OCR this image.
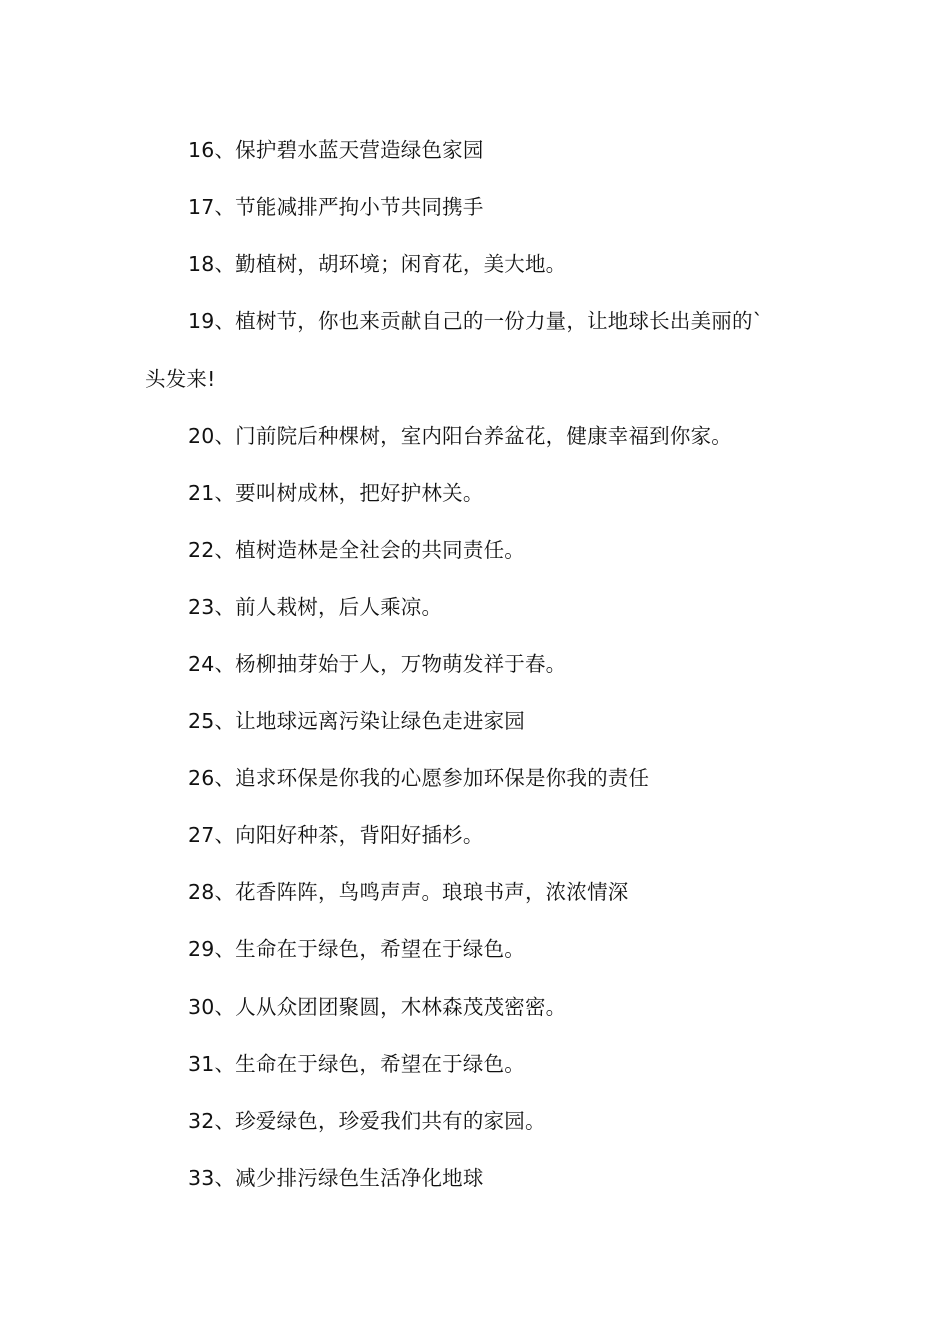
16、保护碧水蓝天营造绿色家园
17、节能减排严拘小节共同携手
18、勤植树，胡环境；闲育花，美大地。
19、植树节，你也来贡献自己的一份力量，让地球长出美丽的`
头发来!
20、门前院后种棵树，室内阳台养盆花，健康幸福到你家。
21、要叫树成林，把好护林关。
22、植树造林是全社会的共同责任。
23、前人栽树，后人乘凉。
24、杨柳抽芽始于人，万物萌发祥于春。
25、让地球远离污染让绿色走进家园
26、追求环保是你我的心愿参加环保是你我的责任
27、向阳好种茶，背阳好插杉。
28、花香阵阵，鸟鸣声声。琅琅书声，浓浓情深
29、生命在于绿色，希望在于绿色。
30、人从众团团聚圆，木林森茂茂密密。
31、生命在于绿色，希望在于绿色。
32、珍爱绿色，珍爱我们共有的家园。
33、减少排污绿色生活净化地球
